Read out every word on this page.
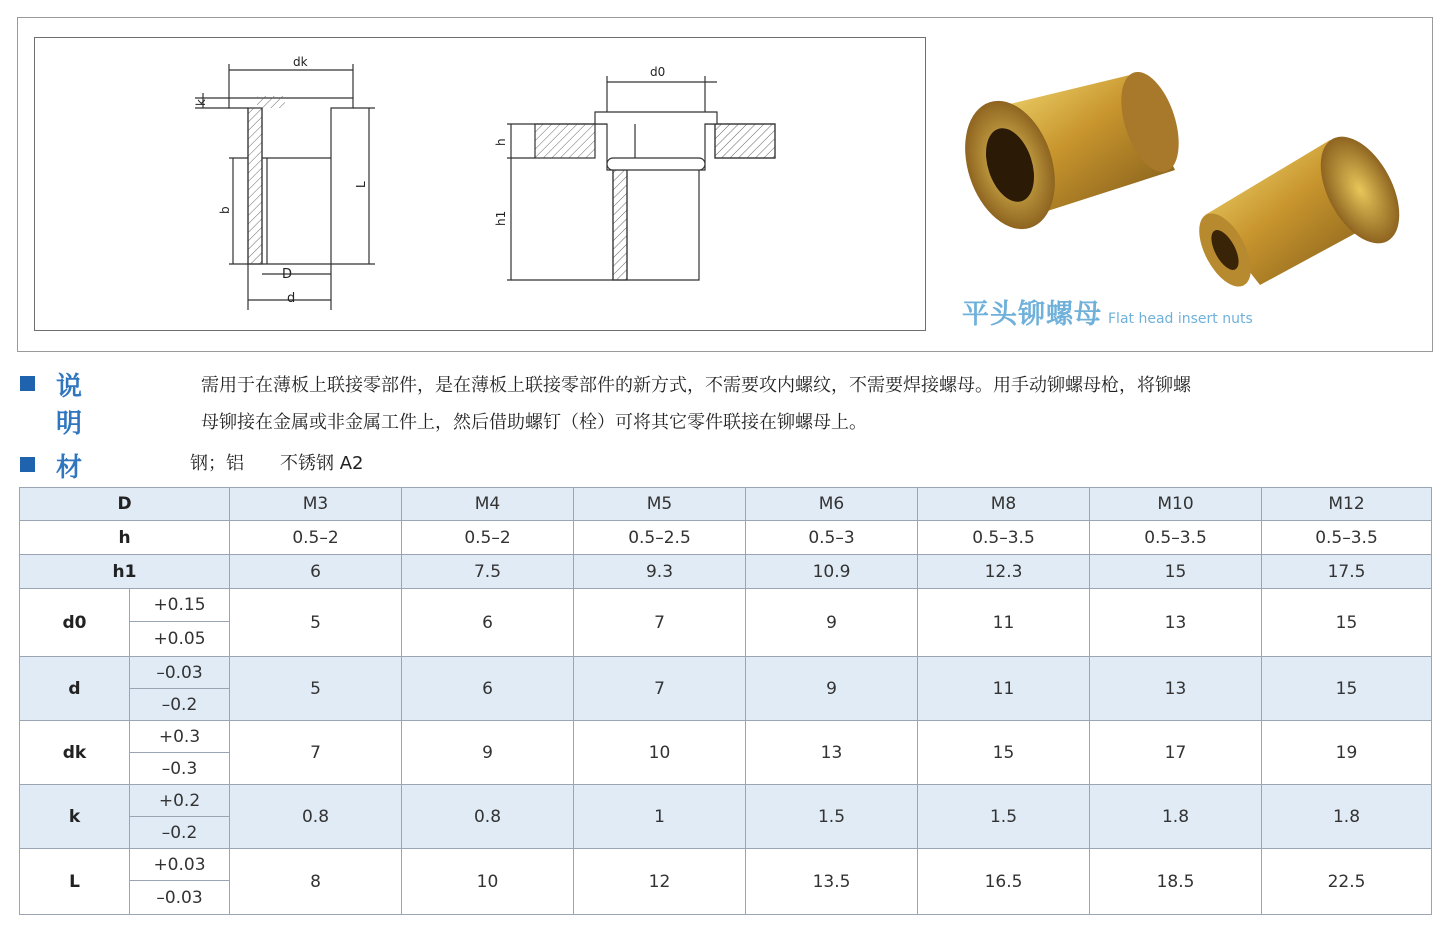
dk
k
b
L
D
d
d0
h
h1
平头铆螺母 Flat head insert nuts
说　　明
需用于在薄板上联接零部件，是在薄板上联接零部件的新方式，不需要攻内螺纹，不需要焊接螺母。用手动铆螺母枪，将铆螺
母铆接在金属或非金属工件上，然后借助螺钉（栓）可将其它零件联接在铆螺母上。
材　　	钢；铝　　不锈钢 A2
D		M3	M4	M5	M6	M8	M10	M12
h		0.5–2	0.5–2	0.5–2.5	0.5–3	0.5–3.5	0.5–3.5	0.5–3.5
h1		6	7.5	9.3	10.9	12.3	15	17.5
d0	+0.15	5	6	7	9	11	13	15
	+0.05							
d	–0.03	5	6	7	9	11	13	15
	–0.2							
dk	+0.3	7	9	10	13	15	17	19
	–0.3							
k	+0.2	0.8	0.8	1	1.5	1.5	1.8	1.8
	–0.2							
L	+0.03	8	10	12	13.5	16.5	18.5	22.5
	–0.03							
